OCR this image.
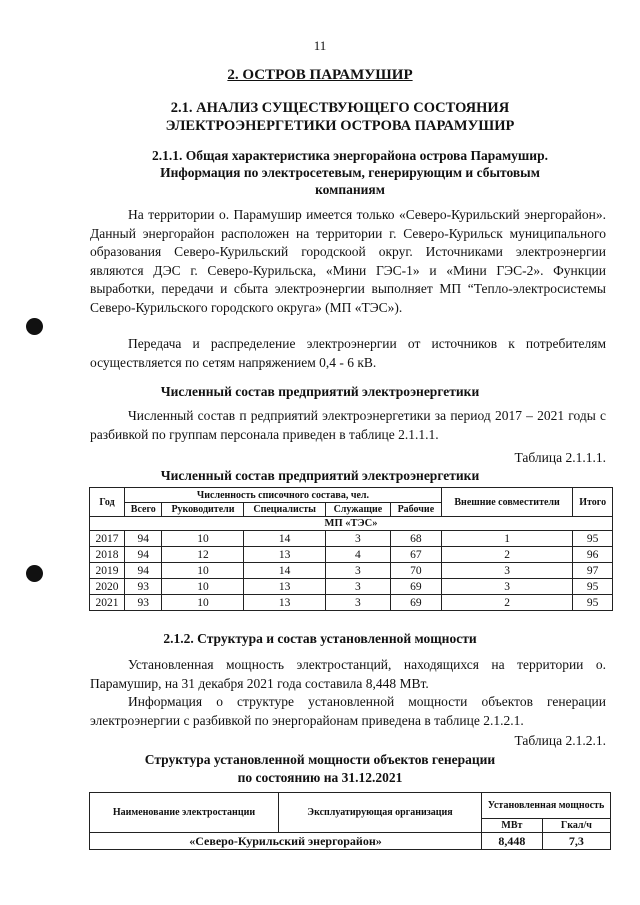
11
2. ОСТРОВ ПАРАМУШИР
2.1. АНАЛИЗ СУЩЕСТВУЮЩЕГО СОСТОЯНИЯ
ЭЛЕКТРОЭНЕРГЕТИКИ ОСТРОВА ПАРАМУШИР
2.1.1. Общая характеристика энергорайона острова Парамушир.
Информация по электросетевым, генерирующим и сбытовым
компаниям
На территории о. Парамушир имеется только «Северо-Курильский энергорайон». Данный энергорайон расположен на территории г. Северо-Курильск муниципального образования Северо-Курильский городскоой округ. Источниками электроэнергии являются ДЭС г. Северо-Курильска, «Мини ГЭС-1» и «Мини ГЭС-2». Функции выработки, передачи и сбыта электроэнергии выполняет МП “Тепло-электросистемы Северо-Курильского городского округа» (МП «ТЭС»).
Передача и распределение электроэнергии от источников к потребителям осуществляется по сетям напряжением 0,4 - 6 кВ.
Численный состав предприятий электроэнергетики
Численный состав п редприятий электроэнергетики за период 2017 – 2021 годы с разбивкой по группам персонала приведен в таблице 2.1.1.1.
Таблица 2.1.1.1.
Численный состав предприятий электроэнергетики
Год	Численность списочного состава, чел.					Внешние совместители	Итого
	Всего	Руководители	Специалисты	Служащие	Рабочие		
МП «ТЭС»							
2017	94	10	14	3	68	1	95
2018	94	12	13	4	67	2	96
2019	94	10	14	3	70	3	97
2020	93	10	13	3	69	3	95
2021	93	10	13	3	69	2	95
2.1.2. Структура и состав установленной мощности
Установленная мощность электростанций, находящихся на территории о. Парамушир, на 31 декабря 2021 года составила 8,448 МВт.
Информация о структуре установленной мощности объектов генерации электроэнергии с разбивкой по энергорайонам приведена в таблице 2.1.2.1.
Таблица 2.1.2.1.
Структура установленной мощности объектов генерации
по состоянию на 31.12.2021
Наименование электростанции	Эксплуатирующая организация	Установленная мощность	
		МВт	Гкал/ч
«Северо-Курильский энергорайон»		8,448	7,3
